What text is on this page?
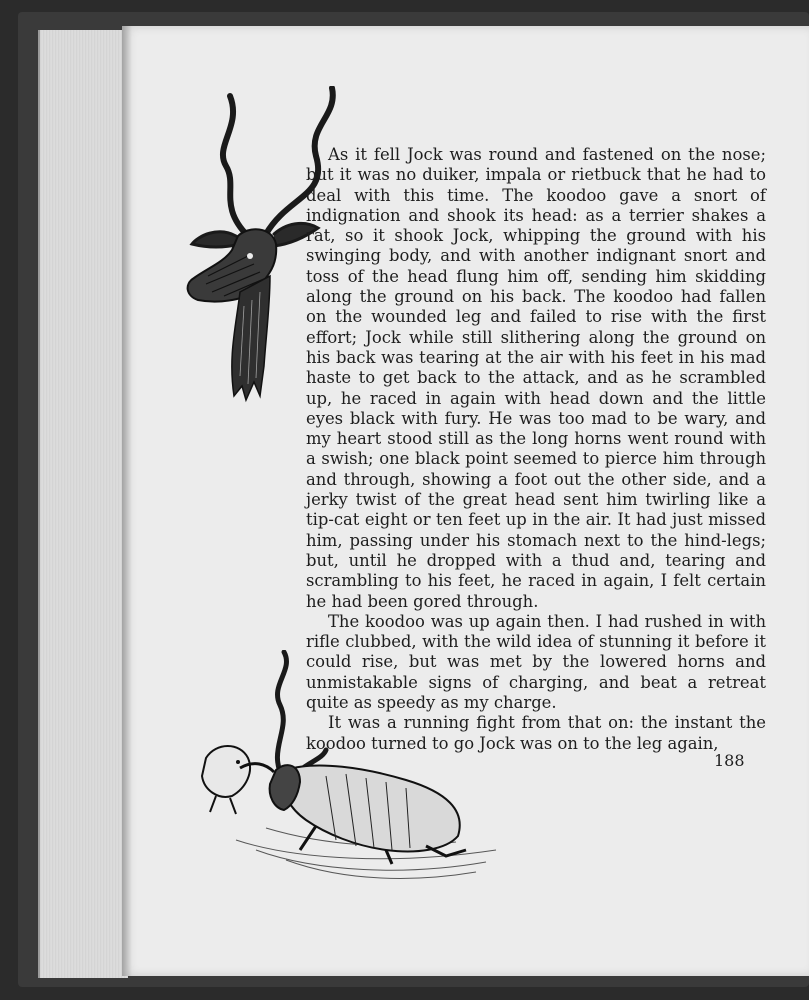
As it fell Jock was round and fastened on the nose; but it was no duiker, impala or rietbuck that he had to deal with this time. The koodoo gave a snort of indignation and shook its head: as a terrier shakes a rat, so it shook Jock, whipping the ground with his swinging body, and with another indignant snort and toss of the head flung him off, sending him skidding along the ground on his back. The koodoo had fallen on the wounded leg and failed to rise with the first effort; Jock while still slithering along the ground on his back was tearing at the air with his feet in his mad haste to get back to the attack, and as he scrambled up, he raced in again with head down and the little eyes black with fury. He was too mad to be wary, and my heart stood still as the long horns went round with a swish; one black point seemed to pierce him through and through, showing a foot out the other side, and a jerky twist of the great head sent him twirling like a tip-cat eight or ten feet up in the air. It had just missed him, passing under his stomach next to the hind-legs; but, until he dropped with a thud and, tearing and scrambling to his feet, he raced in again, I felt certain he had been gored through.

The koodoo was up again then. I had rushed in with rifle clubbed, with the wild idea of stunning it before it could rise, but was met by the lowered horns and unmistakable signs of charging, and beat a retreat quite as speedy as my charge.

It was a running fight from that on: the instant the koodoo turned to go Jock was on to the leg again,

188
